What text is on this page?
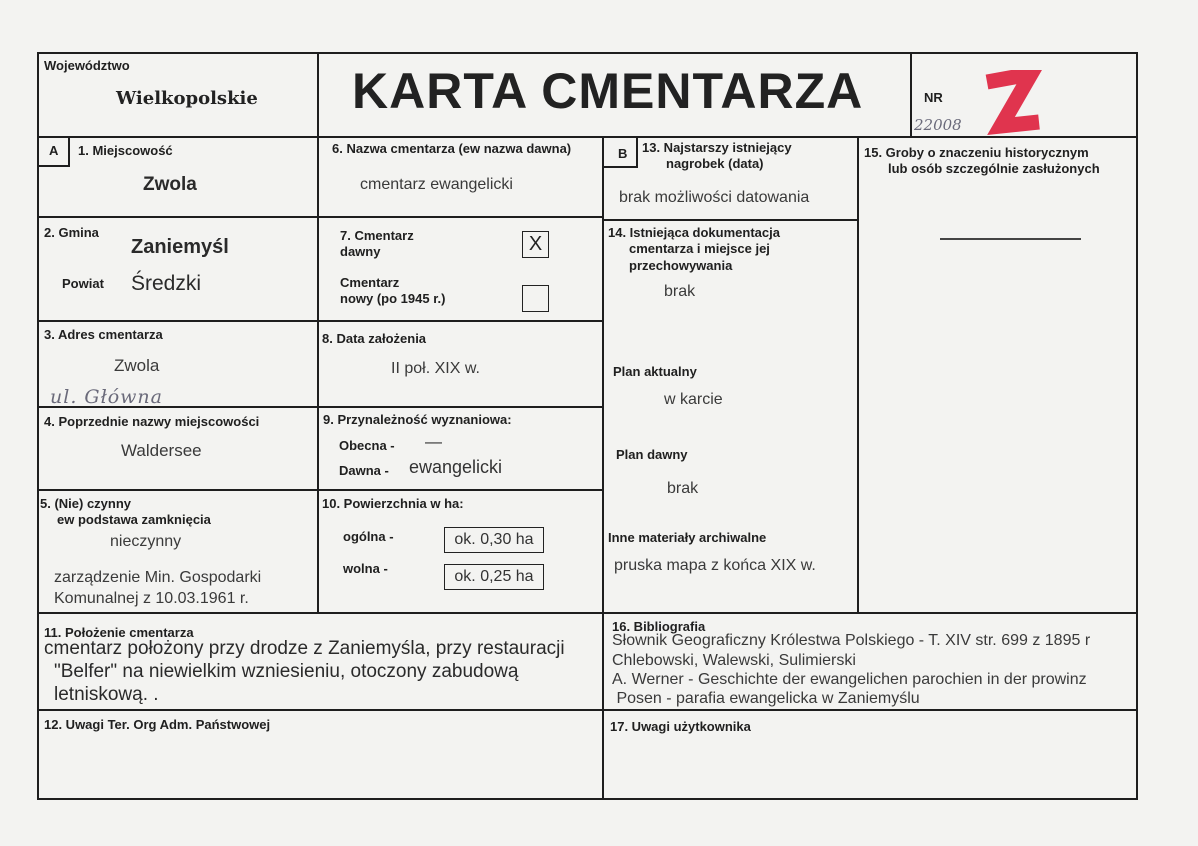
Województwo
Wielkopolskie KARTA CMENTARZA	NR
22008
A 1. Miejscowość
Zwola
2. Gmina
Zaniemyśl
Powiat Średzki
3. Adres cmentarza
Zwola
ul. Główna
4. Poprzednie nazwy miejscowości
Waldersee
5. (Nie) czynny
ew podstawa zamknięcia
nieczynny
zarządzenie Min. Gospodarki
Komunalnej z 10.03.1961 r.
6. Nazwa cmentarza (ew nazwa dawna)
cmentarz ewangelicki
7. Cmentarz
dawny	X
Cmentarz
nowy (po 1945 r.)
8. Data założenia
II poł. XIX w.
9. Przynależność wyznaniowa:
Obecna - —
Dawna - ewangelicki
10. Powierzchnia w ha:
ogólna -	ok. 0,30 ha
wolna -	ok. 0,25 ha
B 13. Najstarszy istniejący
nagrobek (data)
brak możliwości datowania
14. Istniejąca dokumentacja
cmentarza i miejsce jej
przechowywania
brak
Plan aktualny
w karcie
Plan dawny
brak
Inne materiały archiwalne
pruska mapa z końca XIX w.
15. Groby o znaczeniu historycznym
lub osób szczególnie zasłużonych
11. Położenie cmentarza
cmentarz położony przy drodze z Zaniemyśla, przy restauracji
"Belfer" na niewielkim wzniesieniu, otoczony zabudową
letniskową. .
16. Bibliografia
Słownik Geograficzny Królestwa Polskiego - T. XIV str. 699 z 1895 r
Chlebowski, Walewski, Sulimierski
A. Werner - Geschichte der ewangelichen parochien in der prowinz
Posen - parafia ewangelicka w Zaniemyślu
12. Uwagi Ter. Org Adm. Państwowej	17. Uwagi użytkownika
